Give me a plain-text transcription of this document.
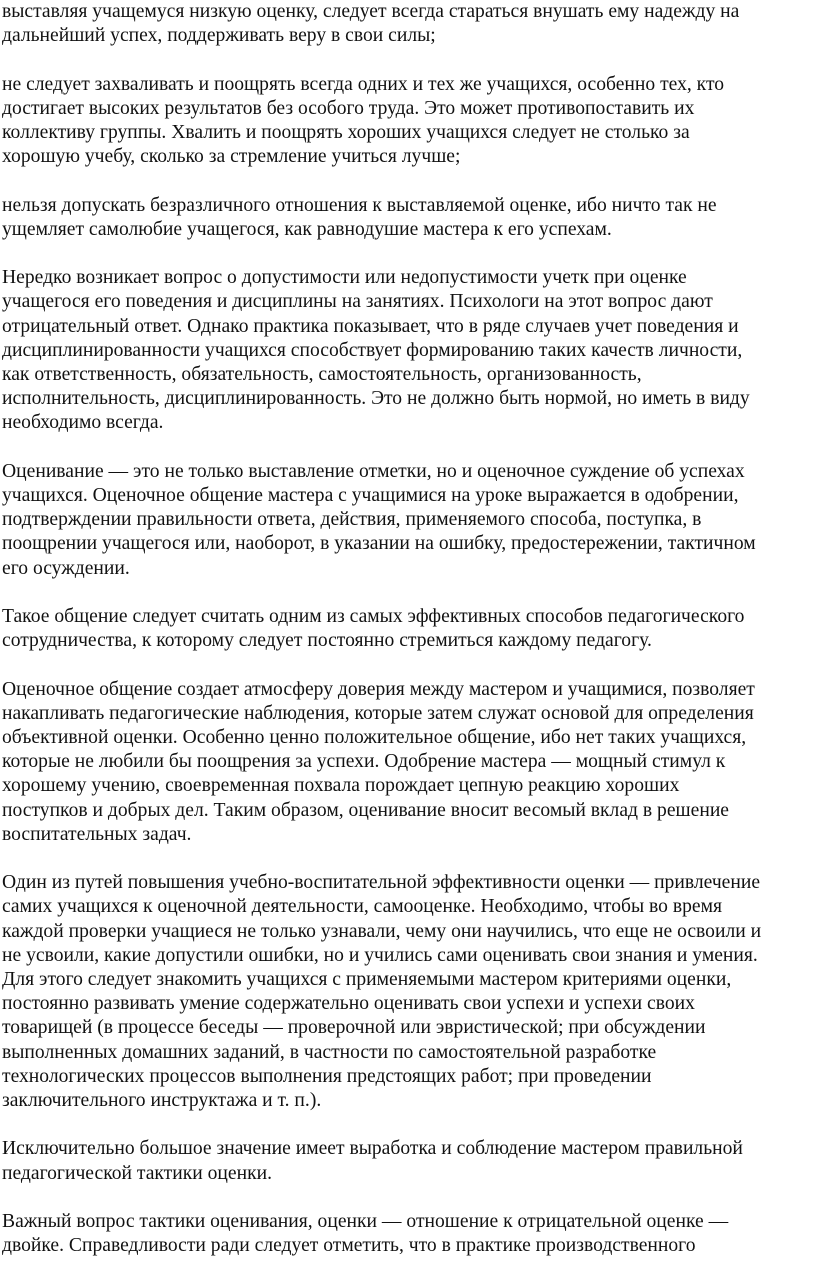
выставляя учащемуся низкую оценку, следует всегда стараться внушать ему надежду на
дальнейший успех, поддерживать веру в свои силы;

не следует захваливать и поощрять всегда одних и тех же учащихся, особенно тех, кто
достигает высоких результатов без особого труда. Это может противопоставить их
коллективу группы. Хвалить и поощрять хороших учащихся следует не столько за
хорошую учебу, сколько за стремление учиться лучше;

нельзя допускать безразличного отношения к выставляемой оценке, ибо ничто так не
ущемляет самолюбие учащегося, как равнодушие мастера к его успехам.

Нередко возникает вопрос о допустимости или недопустимости учетк при оценке
учащегося его поведения и дисциплины на занятиях. Психологи на этот вопрос дают
отрицательный ответ. Однако практика показывает, что в ряде случаев учет поведения и
дисциплинированности учащихся способствует формированию таких качеств личности,
как ответственность, обязательность, самостоятельность, организованность,
исполнительность, дисциплинированность. Это не должно быть нормой, но иметь в виду
необходимо всегда.

Оценивание — это не только выставление отметки, но и оценочное суждение об успехах
учащихся. Оценочное общение мастера с учащимися на уроке выражается в одобрении,
подтверждении правильности ответа, действия, применяемого способа, поступка, в
поощрении учащегося или, наоборот, в указании на ошибку, предостережении, тактичном
его осуждении.

Такое общение следует считать одним из самых эффективных способов педагогического
сотрудничества, к которому следует постоянно стремиться каждому педагогу.

Оценочное общение создает атмосферу доверия между мастером и учащимися, позволяет
накапливать педагогические наблюдения, которые затем служат основой для определения
объективной оценки. Особенно ценно положительное общение, ибо нет таких учащихся,
которые не любили бы поощрения за успехи. Одобрение мастера — мощный стимул к
хорошему учению, своевременная похвала порождает цепную реакцию хороших
поступков и добрых дел. Таким образом, оценивание вносит весомый вклад в решение
воспитательных задач.

Один из путей повышения учебно-воспитательной эффективности оценки — привлечение
самих учащихся к оценочной деятельности, самооценке. Необходимо, чтобы во время
каждой проверки учащиеся не только узнавали, чему они научились, что еще не освоили и
не усвоили, какие допустили ошибки, но и учились сами оценивать свои знания и умения.
Для этого следует знакомить учащихся с применяемыми мастером критериями оценки,
постоянно развивать умение содержательно оценивать свои успехи и успехи своих
товарищей (в процессе беседы — проверочной или эвристической; при обсуждении
выполненных домашних заданий, в частности по самостоятельной разработке
технологических процессов выполнения предстоящих работ; при проведении
заключительного инструктажа и т. п.).

Исключительно большое значение имеет выработка и соблюдение мастером правильной
педагогической тактики оценки.

Важный вопрос тактики оценивания, оценки — отношение к отрицательной оценке —
двойке. Справедливости ради следует отметить, что в практике производственного
